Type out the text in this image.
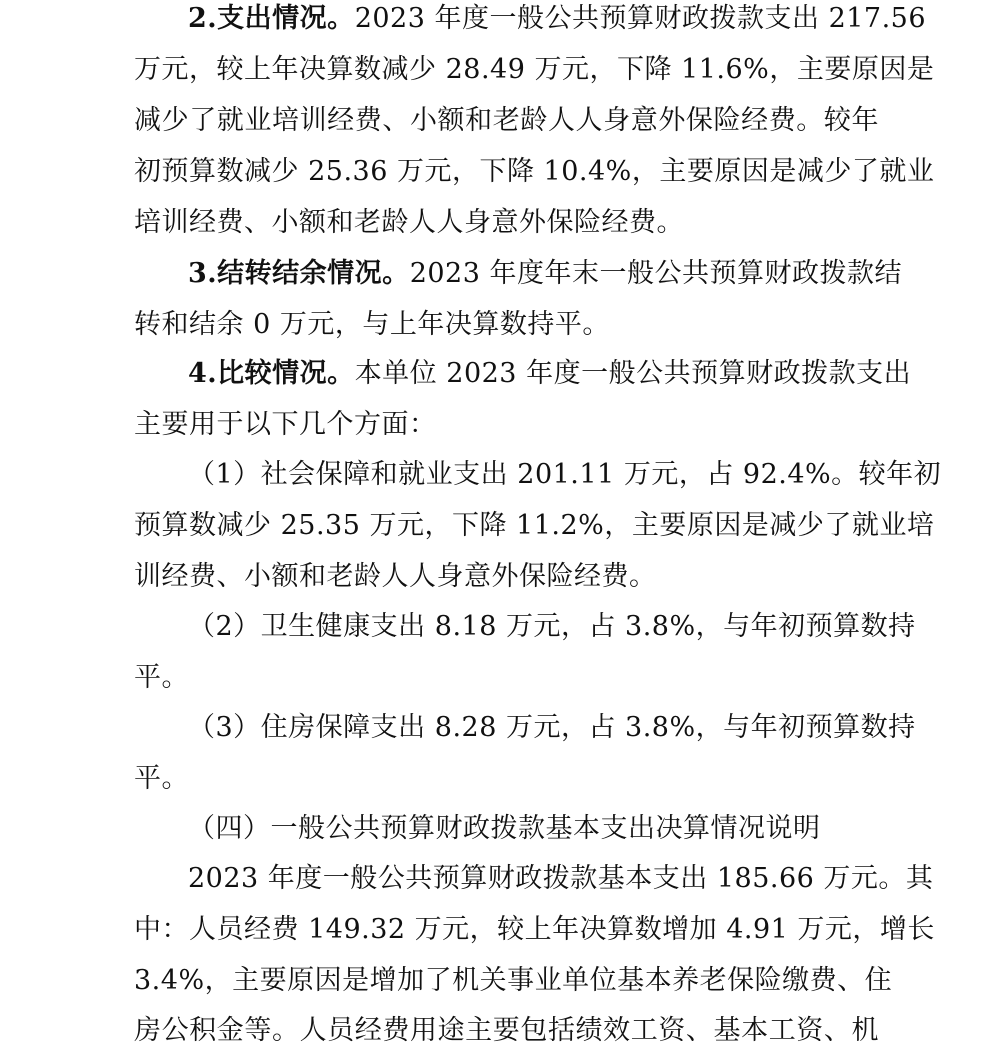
2.支出情况。2023 年度一般公共预算财政拨款支出 217.56
万元，较上年决算数减少 28.49 万元，下降 11.6%，主要原因是
减少了就业培训经费、小额和老龄人人身意外保险经费。较年
初预算数减少 25.36 万元，下降 10.4%，主要原因是减少了就业
培训经费、小额和老龄人人身意外保险经费。
3.结转结余情况。2023 年度年末一般公共预算财政拨款结
转和结余 0 万元，与上年决算数持平。
4.比较情况。本单位 2023 年度一般公共预算财政拨款支出
主要用于以下几个方面：
（1）社会保障和就业支出 201.11 万元，占 92.4%。较年初
预算数减少 25.35 万元，下降 11.2%，主要原因是减少了就业培
训经费、小额和老龄人人身意外保险经费。
（2）卫生健康支出 8.18 万元，占 3.8%，与年初预算数持
平。
（3）住房保障支出 8.28 万元，占 3.8%，与年初预算数持
平。
（四）一般公共预算财政拨款基本支出决算情况说明
2023 年度一般公共预算财政拨款基本支出 185.66 万元。其
中：人员经费 149.32 万元，较上年决算数增加 4.91 万元，增长
3.4%，主要原因是增加了机关事业单位基本养老保险缴费、住
房公积金等。人员经费用途主要包括绩效工资、基本工资、机
